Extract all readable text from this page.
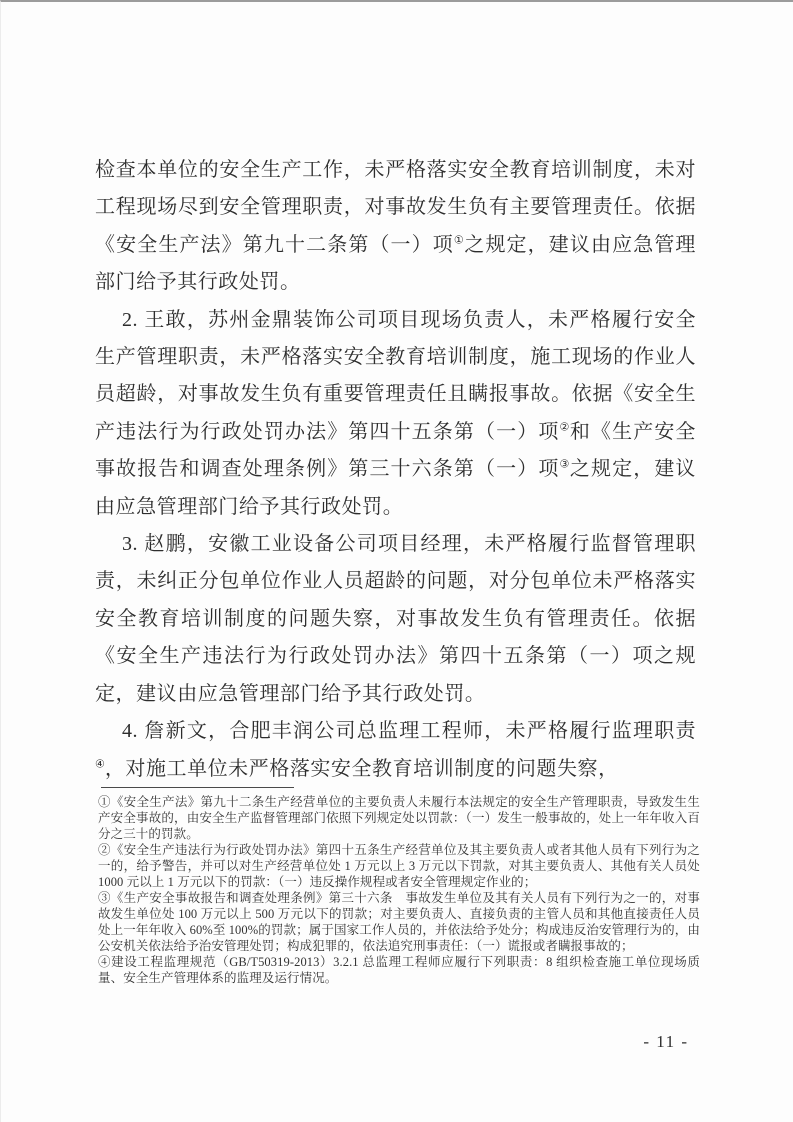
检查本单位的安全生产工作，未严格落实安全教育培训制度，未对工程现场尽到安全管理职责，对事故发生负有主要管理责任。依据《安全生产法》第九十二条第（一）项①之规定，建议由应急管理部门给予其行政处罚。

2. 王敢，苏州金鼎装饰公司项目现场负责人，未严格履行安全生产管理职责，未严格落实安全教育培训制度，施工现场的作业人员超龄，对事故发生负有重要管理责任且瞒报事故。依据《安全生产违法行为行政处罚办法》第四十五条第（一）项②和《生产安全事故报告和调查处理条例》第三十六条第（一）项③之规定，建议由应急管理部门给予其行政处罚。

3. 赵鹏，安徽工业设备公司项目经理，未严格履行监督管理职责，未纠正分包单位作业人员超龄的问题，对分包单位未严格落实安全教育培训制度的问题失察，对事故发生负有管理责任。依据《安全生产违法行为行政处罚办法》第四十五条第（一）项之规定，建议由应急管理部门给予其行政处罚。

4. 詹新文，合肥丰润公司总监理工程师，未严格履行监理职责④，对施工单位未严格落实安全教育培训制度的问题失察，

①《安全生产法》第九十二条生产经营单位的主要负责人未履行本法规定的安全生产管理职责，导致发生生产安全事故的，由安全生产监督管理部门依照下列规定处以罚款：（一）发生一般事故的，处上一年年收入百分之三十的罚款。
②《安全生产违法行为行政处罚办法》第四十五条生产经营单位及其主要负责人或者其他人员有下列行为之一的，给予警告，并可以对生产经营单位处 1 万元以上 3 万元以下罚款，对其主要负责人、其他有关人员处 1000 元以上 1 万元以下的罚款：（一）违反操作规程或者安全管理规定作业的；
③《生产安全事故报告和调查处理条例》第三十六条　事故发生单位及其有关人员有下列行为之一的，对事故发生单位处 100 万元以上 500 万元以下的罚款；对主要负责人、直接负责的主管人员和其他直接责任人员处上一年年收入 60%至 100%的罚款；属于国家工作人员的，并依法给予处分；构成违反治安管理行为的，由公安机关依法给予治安管理处罚；构成犯罪的，依法追究刑事责任：（一）谎报或者瞒报事故的；
④建设工程监理规范（GB/T50319-2013）3.2.1 总监理工程师应履行下列职责：8 组织检查施工单位现场质量、安全生产管理体系的监理及运行情况。
- 11 -
